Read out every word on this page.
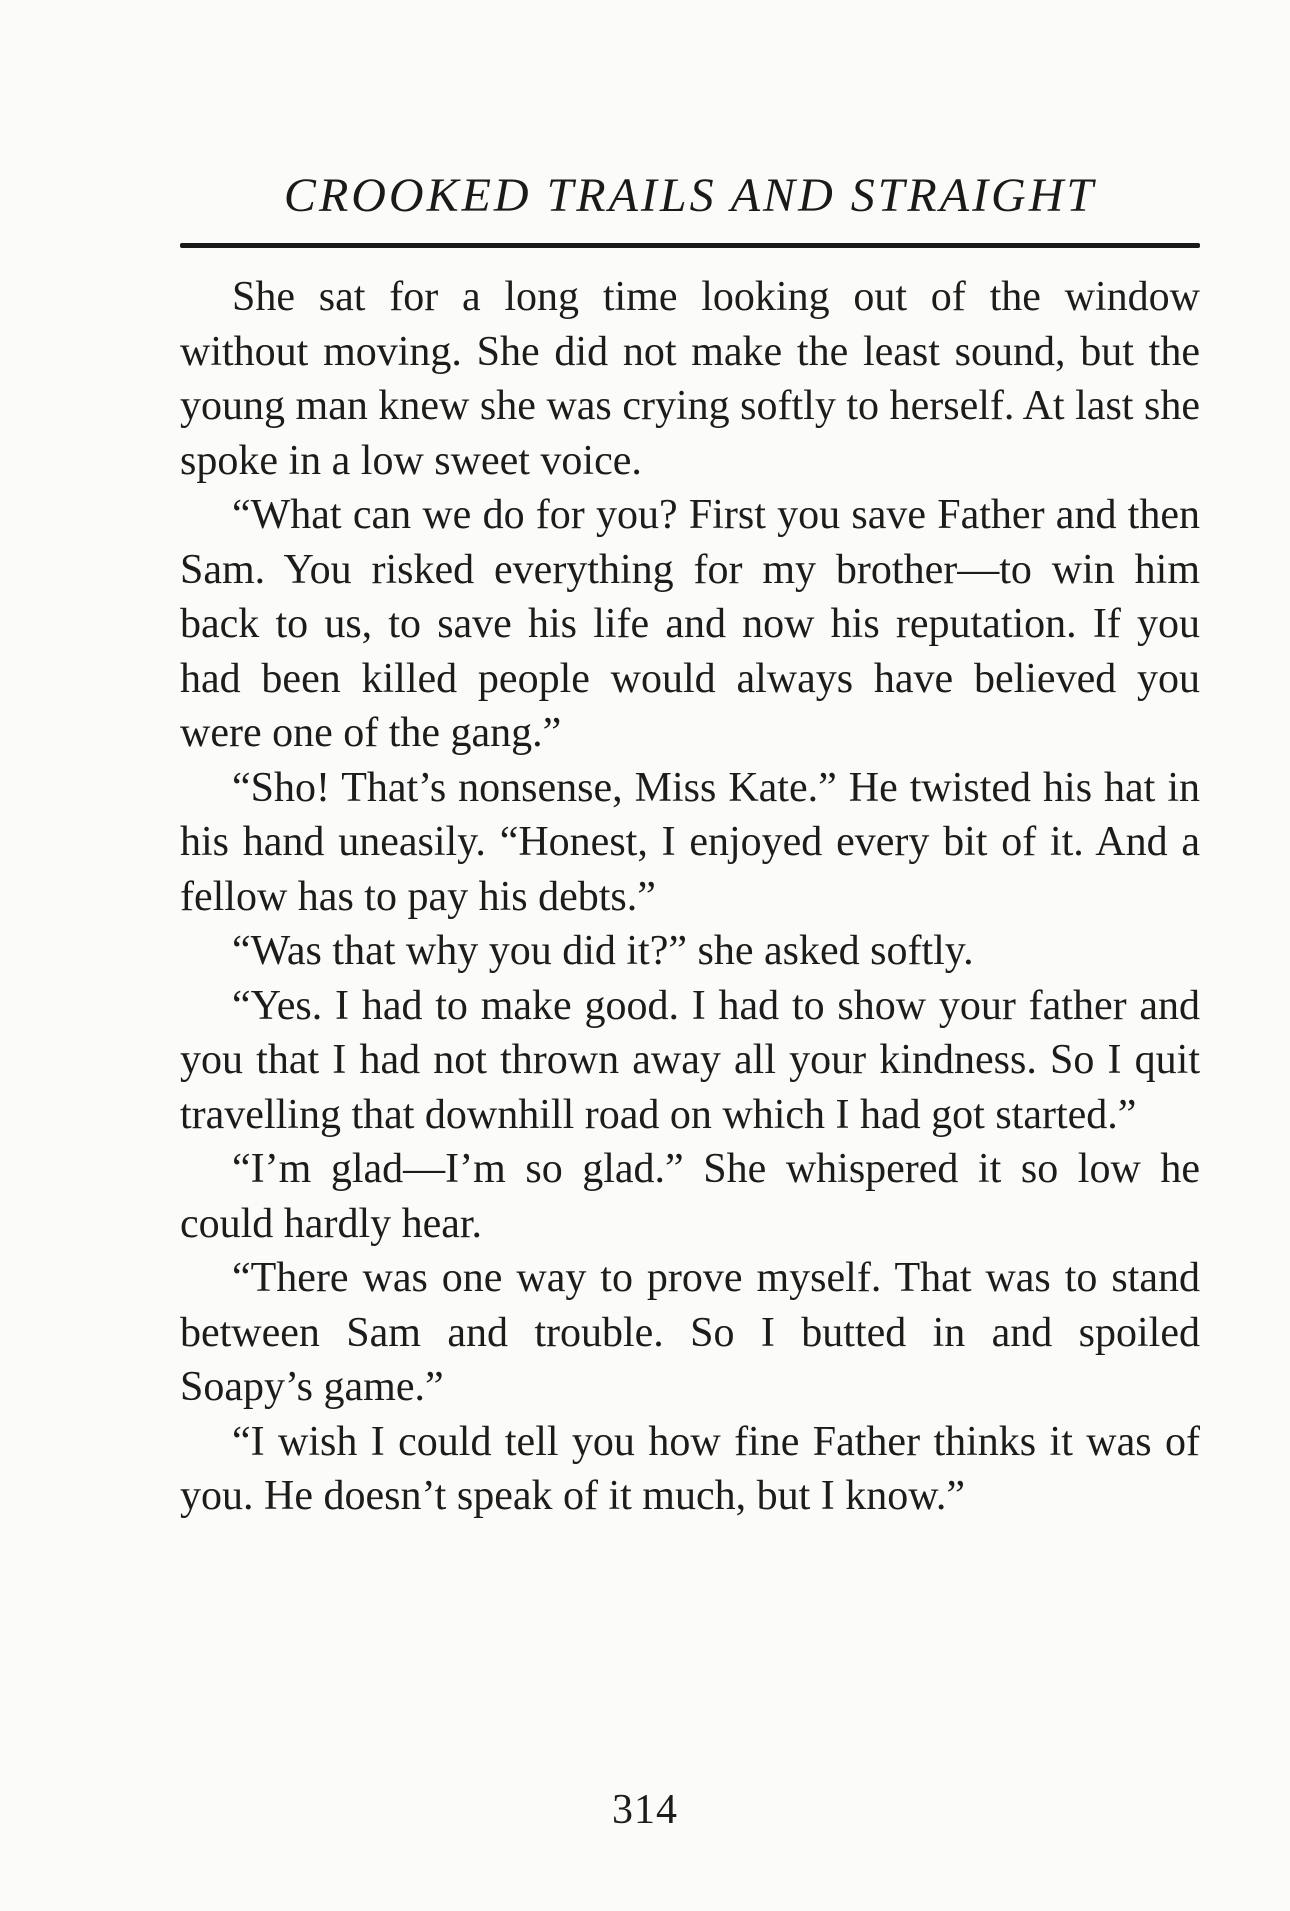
CROOKED TRAILS AND STRAIGHT

She sat for a long time looking out of the window without moving. She did not make the least sound, but the young man knew she was crying softly to herself. At last she spoke in a low sweet voice.

“What can we do for you? First you save Father and then Sam. You risked everything for my brother—to win him back to us, to save his life and now his reputation. If you had been killed people would always have believed you were one of the gang.”

“Sho! That’s nonsense, Miss Kate.” He twisted his hat in his hand uneasily. “Honest, I enjoyed every bit of it. And a fellow has to pay his debts.”

“Was that why you did it?” she asked softly.

“Yes. I had to make good. I had to show your father and you that I had not thrown away all your kindness. So I quit travelling that downhill road on which I had got started.”

“I’m glad—I’m so glad.” She whispered it so low he could hardly hear.

“There was one way to prove myself. That was to stand between Sam and trouble. So I butted in and spoiled Soapy’s game.”

“I wish I could tell you how fine Father thinks it was of you. He doesn’t speak of it much, but I know.”

314
